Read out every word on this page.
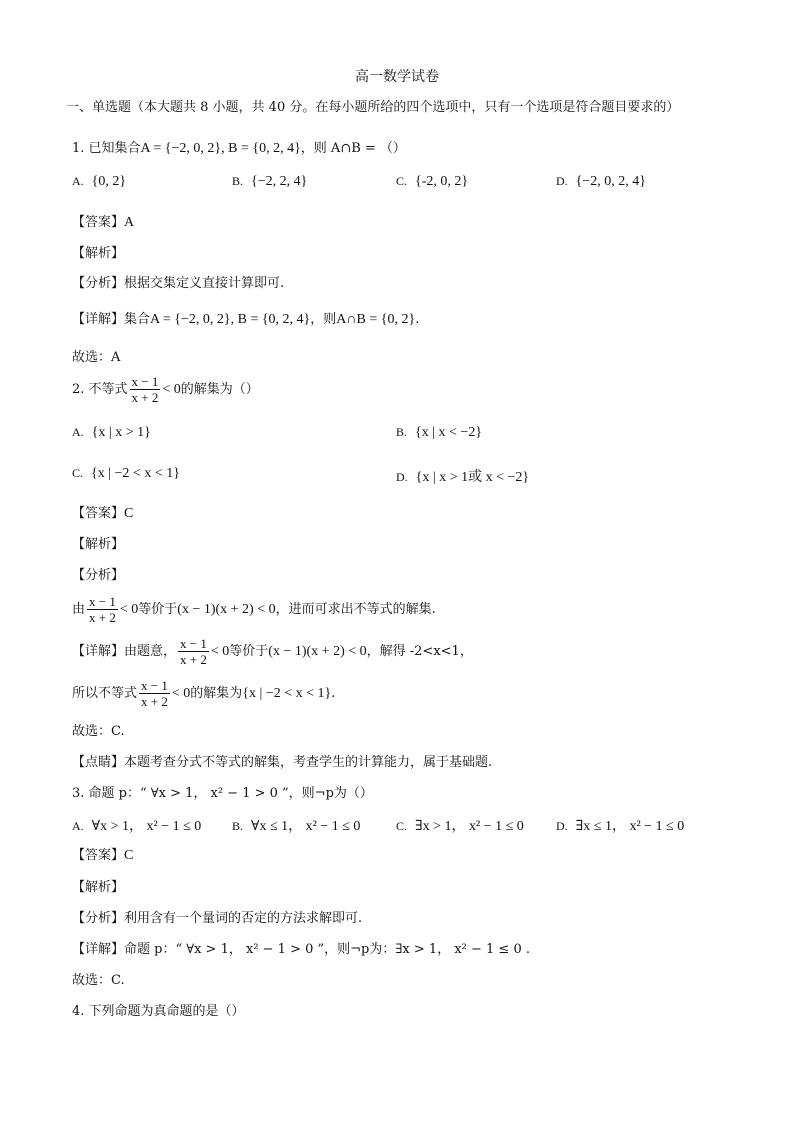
高一数学试卷
一、单选题（本大题共 8 小题，共 40 分。在每小题所给的四个选项中，只有一个选项是符合题目要求的）
1. 已知集合A = {−2, 0, 2}, B = {0, 2, 4}，则 A∩B = （）
A. {0, 2}	B. {−2, 2, 4}	C. {-2, 0, 2}	D. {−2, 0, 2, 4}
【答案】A
【解析】
【分析】根据交集定义直接计算即可.
【详解】集合A = {−2, 0, 2}, B = {0, 2, 4}，则A∩B = {0, 2}.
故选：A
2. 不等式 $\frac{x - 1}{x + 2} < 0$的解集为（）
A. {x | x > 1}	B. {x | x < −2}
C. {x | −2 < x < 1}	D. {x | x > 1或 x < −2}
【答案】C
【解析】
【分析】
由 $\frac{x - 1}{x + 2} < 0$等价于(x − 1)(x + 2) < 0，进而可求出不等式的解集.
【详解】由题意， $\frac{x - 1}{x + 2} < 0$等价于(x − 1)(x + 2) < 0，解得 -2<x<1，
所以不等式 $\frac{x - 1}{x + 2} < 0$的解集为{x | −2 < x < 1}.
故选：C.
【点睛】本题考查分式不等式的解集，考查学生的计算能力，属于基础题.
3. 命题 p：“ ∀x > 1， x² − 1 > 0 ”，则¬p为（）
A. ∀x > 1， x² − 1 ≤ 0	B. ∀x ≤ 1， x² − 1 ≤ 0	C. ∃x > 1， x² − 1 ≤ 0	D. ∃x ≤ 1， x² − 1 ≤ 0
【答案】C
【解析】
【分析】利用含有一个量词的否定的方法求解即可.
【详解】命题 p：“ ∀x > 1， x² − 1 > 0 ”，则¬p为：∃x > 1， x² − 1 ≤ 0 .
故选：C.
4. 下列命题为真命题的是（）
